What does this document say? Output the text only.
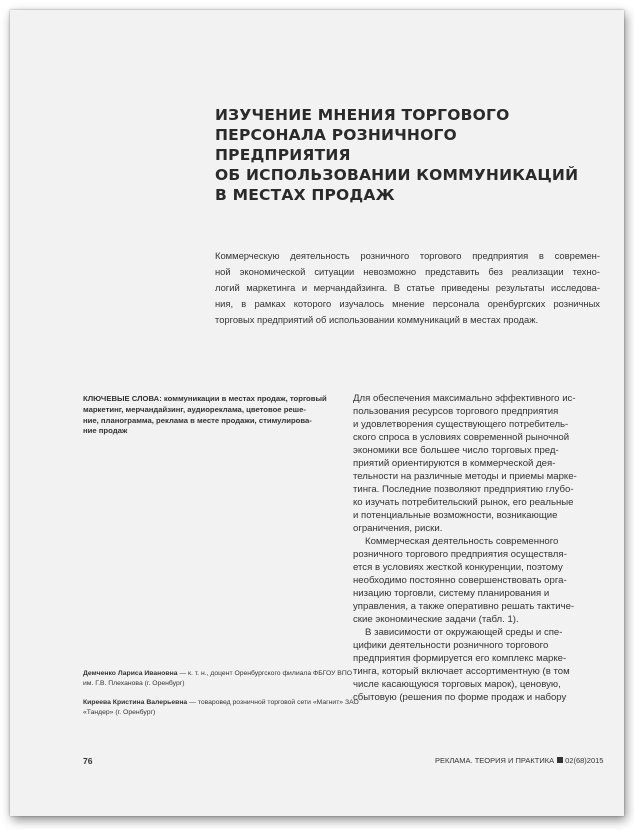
ИЗУЧЕНИЕ МНЕНИЯ ТОРГОВОГО
ПЕРСОНАЛА РОЗНИЧНОГО ПРЕДПРИЯТИЯ
ОБ ИСПОЛЬЗОВАНИИ КОММУНИКАЦИЙ
В МЕСТАХ ПРОДАЖ
Коммерческую деятельность розничного торгового предприятия в современ-
ной экономической ситуации невозможно представить без реализации техно-
логий маркетинга и мерчандайзинга. В статье приведены результаты исследова-
ния, в рамках которого изучалось мнение персонала оренбургских розничных
торговых предприятий об использовании коммуникаций в местах продаж.
КЛЮЧЕВЫЕ СЛОВА: коммуникации в местах продаж, торговый
маркетинг, мерчандайзинг, аудиореклама, цветовое реше-
ние, планограмма, реклама в месте продажи, стимулирова-
ние продаж
Для обеспечения максимально эффективного ис-
пользования ресурсов торгового предприятия
и удовлетворения существующего потребитель-
ского спроса в условиях современной рыночной
экономики все большее число торговых пред-
приятий ориентируются в коммерческой дея-
тельности на различные методы и приемы марке-
тинга. Последние позволяют предприятию глубо-
ко изучать потребительский рынок, его реальные
и потенциальные возможности, возникающие
ограничения, риски.
Коммерческая деятельность современного
розничного торгового предприятия осуществля-
ется в условиях жесткой конкуренции, поэтому
необходимо постоянно совершенствовать орга-
низацию торговли, систему планирования и
управления, а также оперативно решать тактиче-
ские экономические задачи (табл. 1).
В зависимости от окружающей среды и спе-
цифики деятельности розничного торгового
предприятия формируется его комплекс марке-
тинга, который включает ассортиментную (в том
числе касающуюся торговых марок), ценовую,
сбытовую (решения по форме продаж и набору
Демченко Лариса Ивановна — к. т. н., доцент Оренбургского филиала ФБГОУ ВПО
им. Г.В. Плеханова (г. Оренбург)
Киреева Кристина Валерьевна — товаровед розничной торговой сети «Магнит» ЗАО
«Тандер» (г. Оренбург)
76	РЕКЛАМА. ТЕОРИЯ И ПРАКТИКА 02(68)2015
